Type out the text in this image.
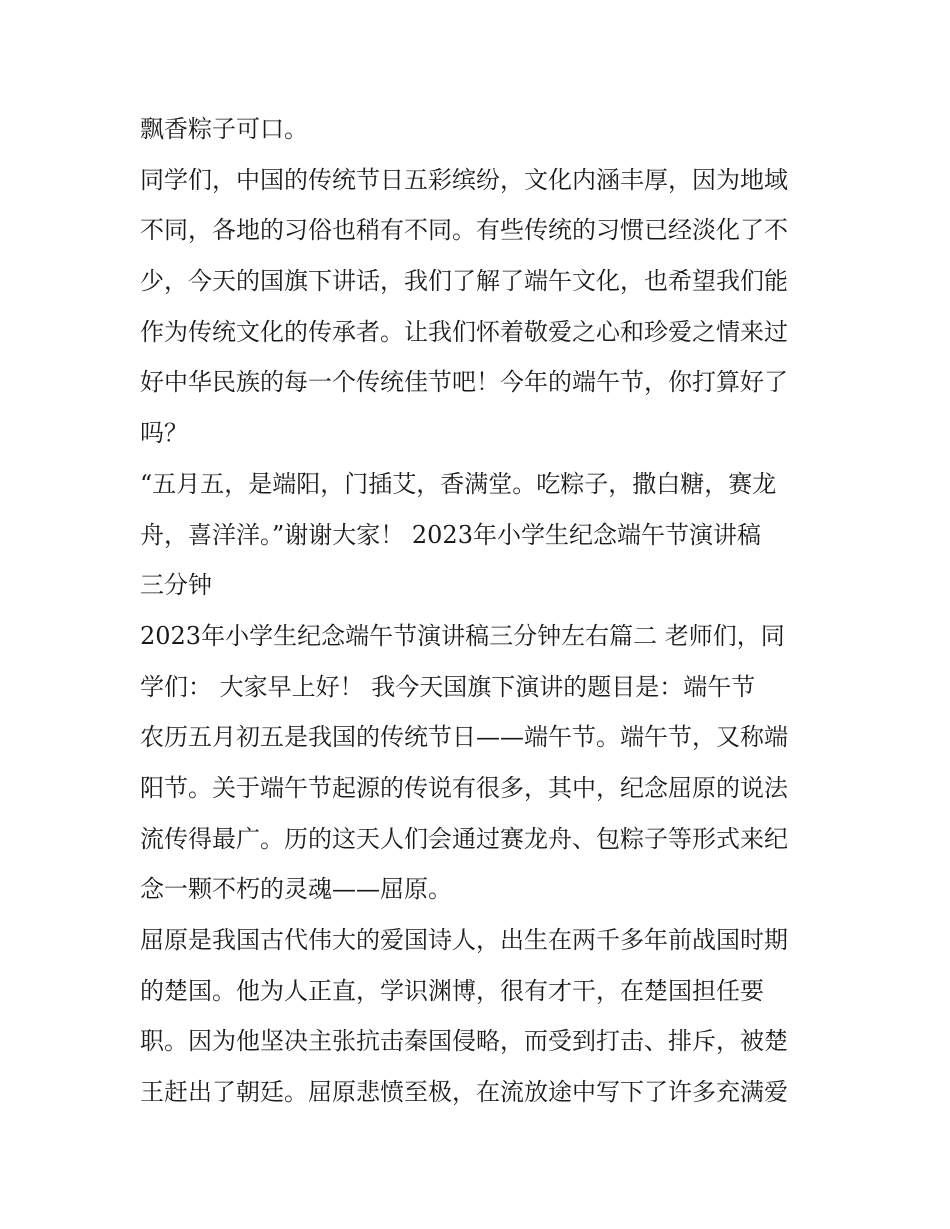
飘香粽子可口。
同学们，中国的传统节日五彩缤纷，文化内涵丰厚，因为地域
不同，各地的习俗也稍有不同。有些传统的习惯已经淡化了不
少，今天的国旗下讲话，我们了解了端午文化，也希望我们能
作为传统文化的传承者。让我们怀着敬爱之心和珍爱之情来过
好中华民族的每一个传统佳节吧！今年的端午节，你打算好了
吗？
“五月五，是端阳，门插艾，香满堂。吃粽子，撒白糖，赛龙
舟，喜洋洋。”谢谢大家！ 2023年小学生纪念端午节演讲稿
三分钟
2023年小学生纪念端午节演讲稿三分钟左右篇二 老师们，同
学们： 大家早上好！ 我今天国旗下演讲的题目是：端午节
农历五月初五是我国的传统节日——端午节。端午节，又称端
阳节。关于端午节起源的传说有很多，其中，纪念屈原的说法
流传得最广。历的这天人们会通过赛龙舟、包粽子等形式来纪
念一颗不朽的灵魂——屈原。
屈原是我国古代伟大的爱国诗人，出生在两千多年前战国时期
的楚国。他为人正直，学识渊博，很有才干，在楚国担任要
职。因为他坚决主张抗击秦国侵略，而受到打击、排斥，被楚
王赶出了朝廷。屈原悲愤至极，在流放途中写下了许多充满爱
